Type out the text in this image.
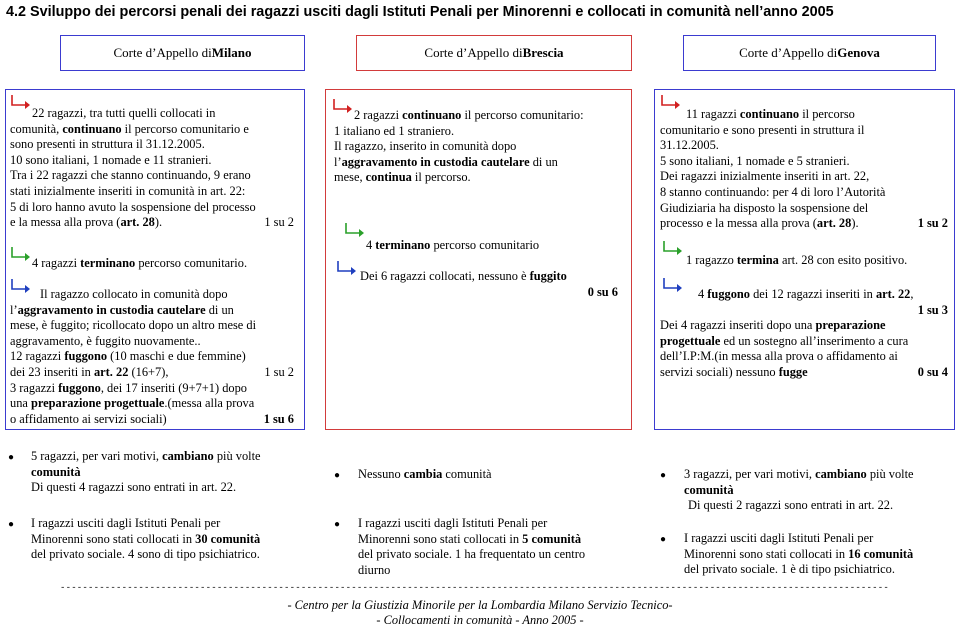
4.2 Sviluppo dei percorsi penali dei ragazzi usciti dagli Istituti Penali per Minorenni e collocati in comunità nell’anno 2005
Corte d’Appello di Milano	Corte d’Appello di Brescia	Corte d’Appello di Genova

22 ragazzi, tra tutti quelli collocati in

comunità, continuano il percorso comunitario e

sono presenti in struttura il 31.12.2005.

10 sono italiani, 1 nomade e 11 stranieri.

Tra i 22 ragazzi che stanno continuando, 9 erano

stati inizialmente inseriti in comunità in art. 22:

5 di loro hanno avuto la sospensione del processo

e la messa alla prova (art. 28).	1 su 2

4 ragazzi terminano percorso comunitario.

Il ragazzo collocato in comunità dopo

l’aggravamento in custodia cautelare di un

mese, è fuggito; ricollocato dopo un altro mese di

aggravamento, è fuggito nuovamente..

12 ragazzi fuggono (10 maschi e due femmine)

dei 23 inseriti in art. 22 (16+7),	1 su 2

3 ragazzi fuggono, dei 17 inseriti (9+7+1) dopo

una preparazione progettuale.(messa alla prova

o affidamento ai servizi sociali)	1 su 6

● 5 ragazzi, per vari motivi, cambiano più volte

comunità

Di questi 4 ragazzi sono entrati in art. 22.

● I ragazzi usciti dagli Istituti Penali per

Minorenni sono stati collocati in 30 comunità

del privato sociale. 4 sono di tipo psichiatrico.

2 ragazzi continuano il percorso comunitario:

1 italiano ed 1 straniero.

Il ragazzo, inserito in comunità dopo

l’aggravamento in custodia cautelare di un

mese, continua il percorso.

4 terminano percorso comunitario

Dei 6 ragazzi collocati, nessuno è fuggito

0 su 6

● Nessuno cambia comunità

● I ragazzi usciti dagli Istituti Penali per

Minorenni sono stati collocati in 5 comunità

del privato sociale. 1 ha frequentato un centro

diurno

11 ragazzi continuano il percorso

comunitario e sono presenti in struttura il

31.12.2005.

5 sono italiani, 1 nomade e 5 stranieri.

Dei ragazzi inizialmente inseriti in art. 22,

8 stanno continuando: per 4 di loro l’Autorità

Giudiziaria ha disposto la sospensione del

processo e la messa alla prova (art. 28).	1 su 2

1 ragazzo termina art. 28 con esito positivo.

4 fuggono dei 12 ragazzi inseriti in art. 22,

1 su 3

Dei 4 ragazzi inseriti dopo una preparazione

progettuale ed un sostegno all’inserimento a cura

dell’I.P:M.(in messa alla prova o affidamento ai

servizi sociali) nessuno fugge	0 su 4

● 3 ragazzi, per vari motivi, cambiano più volte

comunità

Di questi 2 ragazzi sono entrati in art. 22.

● I ragazzi usciti dagli Istituti Penali per

Minorenni sono stati collocati in 16 comunità

del privato sociale. 1 è di tipo psichiatrico.

----------------------------------------------------------------------------------------------------------------------------------------------------
- Centro per la Giustizia Minorile per la Lombardia Milano Servizio Tecnico-
- Collocamenti in comunità - Anno 2005 -
